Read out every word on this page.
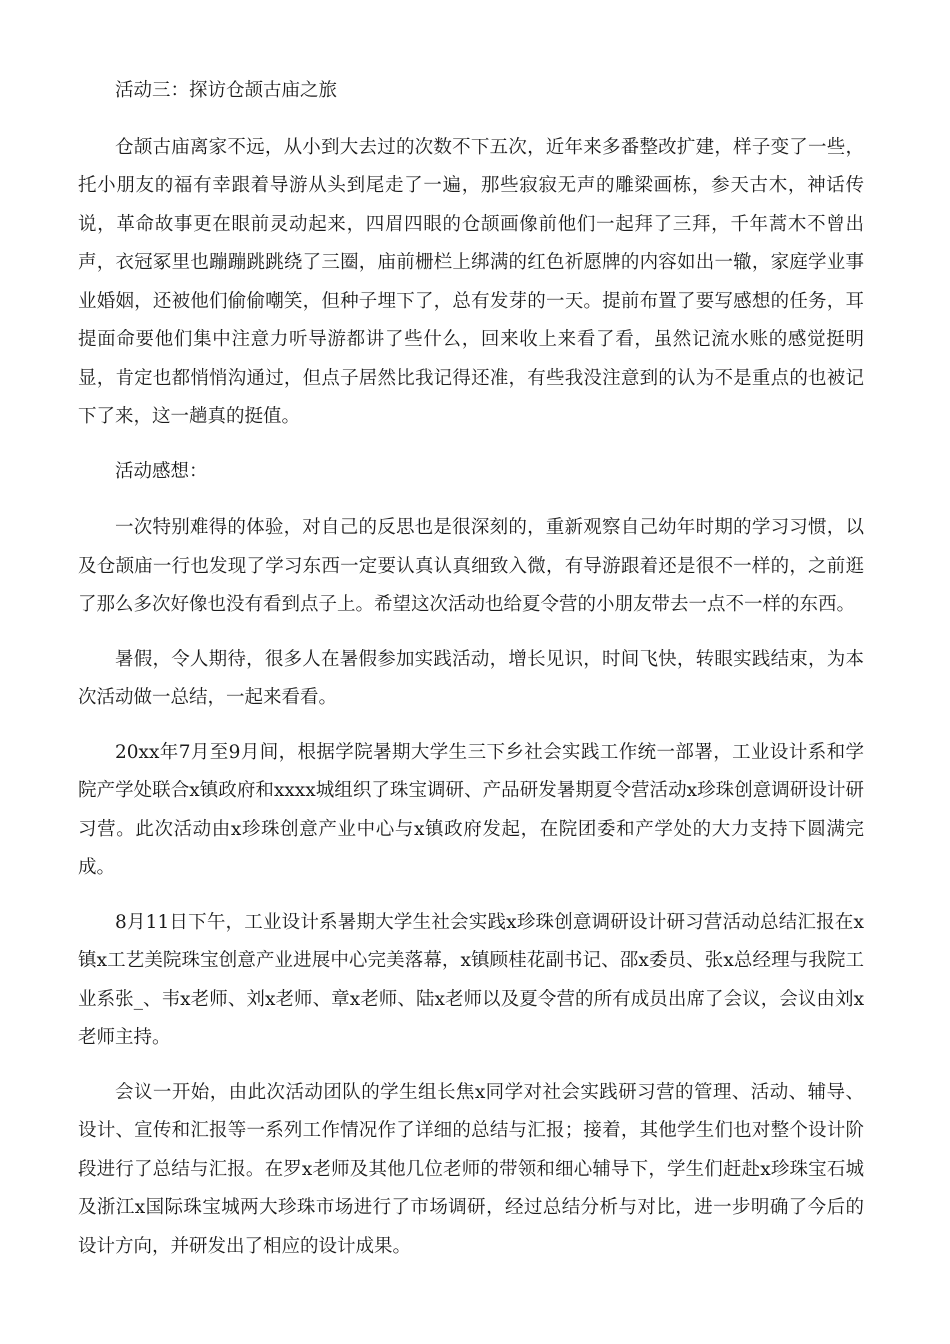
活动三：探访仓颉古庙之旅

仓颉古庙离家不远，从小到大去过的次数不下五次，近年来多番整改扩建，样子变了一些，托小朋友的福有幸跟着导游从头到尾走了一遍，那些寂寂无声的雕梁画栋，参天古木，神话传说，革命故事更在眼前灵动起来，四眉四眼的仓颉画像前他们一起拜了三拜，千年蒿木不曾出声，衣冠冢里也蹦蹦跳跳绕了三圈，庙前栅栏上绑满的红色祈愿牌的内容如出一辙，家庭学业事业婚姻，还被他们偷偷嘲笑，但种子埋下了，总有发芽的一天。提前布置了要写感想的任务，耳提面命要他们集中注意力听导游都讲了些什么，回来收上来看了看，虽然记流水账的感觉挺明显，肯定也都悄悄沟通过，但点子居然比我记得还准，有些我没注意到的认为不是重点的也被记下了来，这一趟真的挺值。

活动感想：

一次特别难得的体验，对自己的反思也是很深刻的，重新观察自己幼年时期的学习习惯，以及仓颉庙一行也发现了学习东西一定要认真认真细致入微，有导游跟着还是很不一样的，之前逛了那么多次好像也没有看到点子上。希望这次活动也给夏令营的小朋友带去一点不一样的东西。

暑假，令人期待，很多人在暑假参加实践活动，增长见识，时间飞快，转眼实践结束，为本次活动做一总结，一起来看看。

20xx年7月至9月间，根据学院暑期大学生三下乡社会实践工作统一部署，工业设计系和学院产学处联合x镇政府和xxxx城组织了珠宝调研、产品研发暑期夏令营活动x珍珠创意调研设计研习营。此次活动由x珍珠创意产业中心与x镇政府发起，在院团委和产学处的大力支持下圆满完成。

8月11日下午，工业设计系暑期大学生社会实践x珍珠创意调研设计研习营活动总结汇报在x镇x工艺美院珠宝创意产业进展中心完美落幕，x镇顾桂花副书记、邵x委员、张x总经理与我院工业系张_、韦x老师、刘x老师、章x老师、陆x老师以及夏令营的所有成员出席了会议，会议由刘x老师主持。

会议一开始，由此次活动团队的学生组长焦x同学对社会实践研习营的管理、活动、辅导、设计、宣传和汇报等一系列工作情况作了详细的总结与汇报；接着，其他学生们也对整个设计阶段进行了总结与汇报。在罗x老师及其他几位老师的带领和细心辅导下，学生们赶赴x珍珠宝石城及浙江x国际珠宝城两大珍珠市场进行了市场调研，经过总结分析与对比，进一步明确了今后的设计方向，并研发出了相应的设计成果。
